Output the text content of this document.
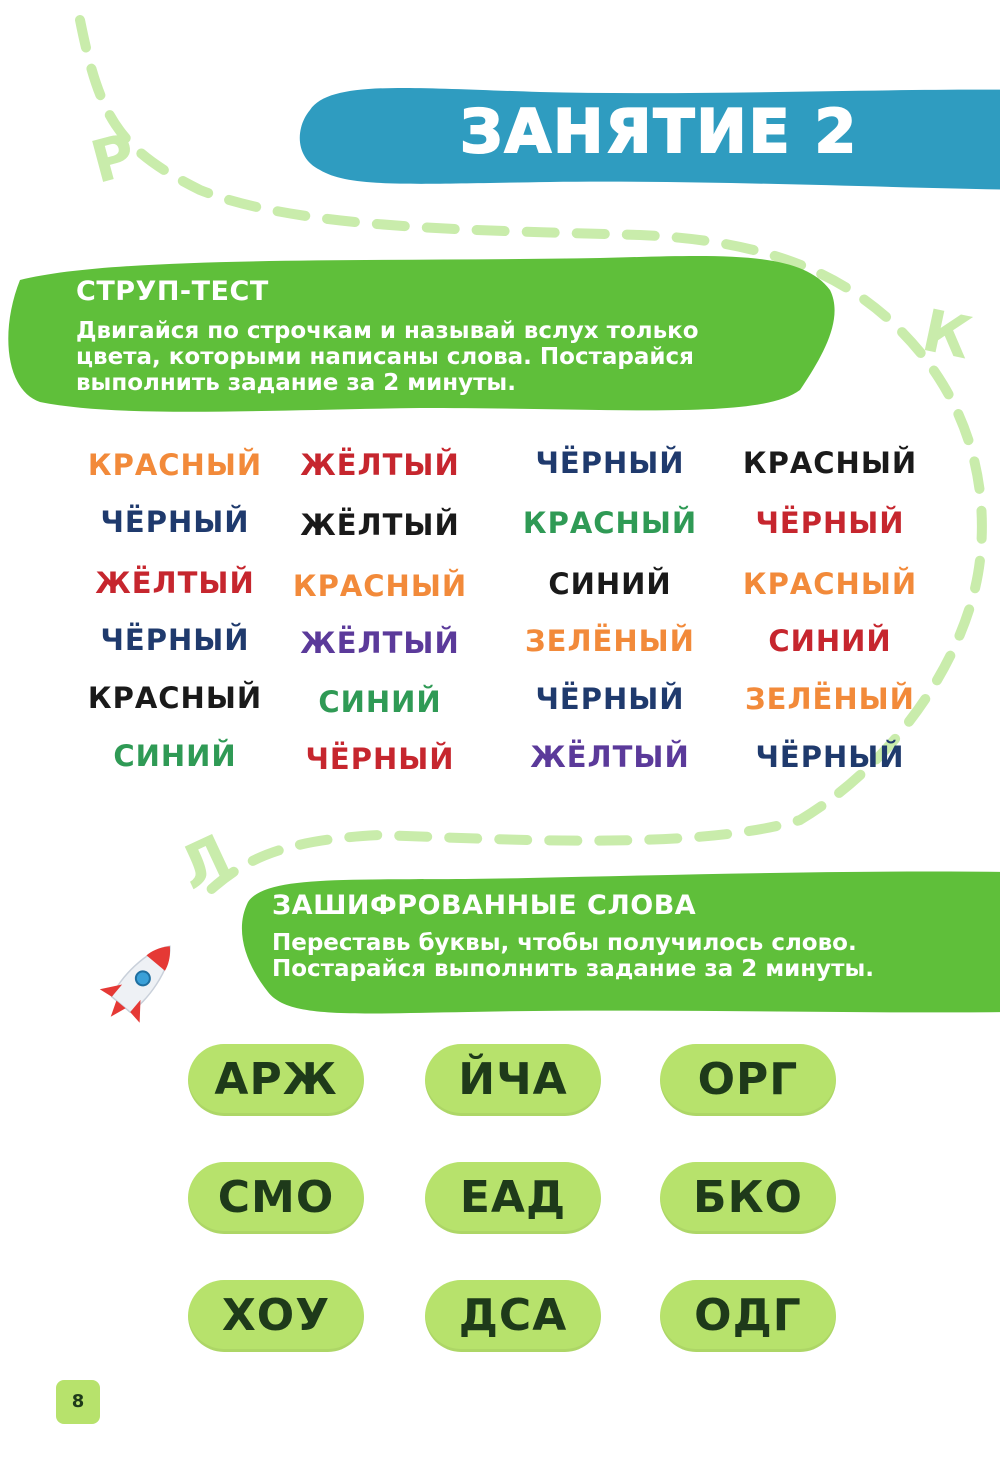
Р
К
Л
ЗАНЯТИЕ 2
СТРУП-ТЕСТ
Двигайся по строчкам и называй вслух только цвета, которыми написаны слова. Постарайся выполнить задание за 2 минуты.
КРАСНЫЙ	ЖЁЛТЫЙ	ЧЁРНЫЙ	КРАСНЫЙ
ЧЁРНЫЙ	ЖЁЛТЫЙ	КРАСНЫЙ	ЧЁРНЫЙ
ЖЁЛТЫЙ	КРАСНЫЙ	СИНИЙ	КРАСНЫЙ
ЧЁРНЫЙ	ЖЁЛТЫЙ	ЗЕЛЁНЫЙ	СИНИЙ
КРАСНЫЙ	СИНИЙ	ЧЁРНЫЙ	ЗЕЛЁНЫЙ
СИНИЙ	ЧЁРНЫЙ	ЖЁЛТЫЙ	ЧЁРНЫЙ
ЗАШИФРОВАННЫЕ СЛОВА
Переставь буквы, чтобы получилось слово. Постарайся выполнить задание за 2 минуты.
АРЖ	ЙЧА	ОРГ
СМО	ЕАД	БКО
ХОУ	ДСА	ОДГ
8
